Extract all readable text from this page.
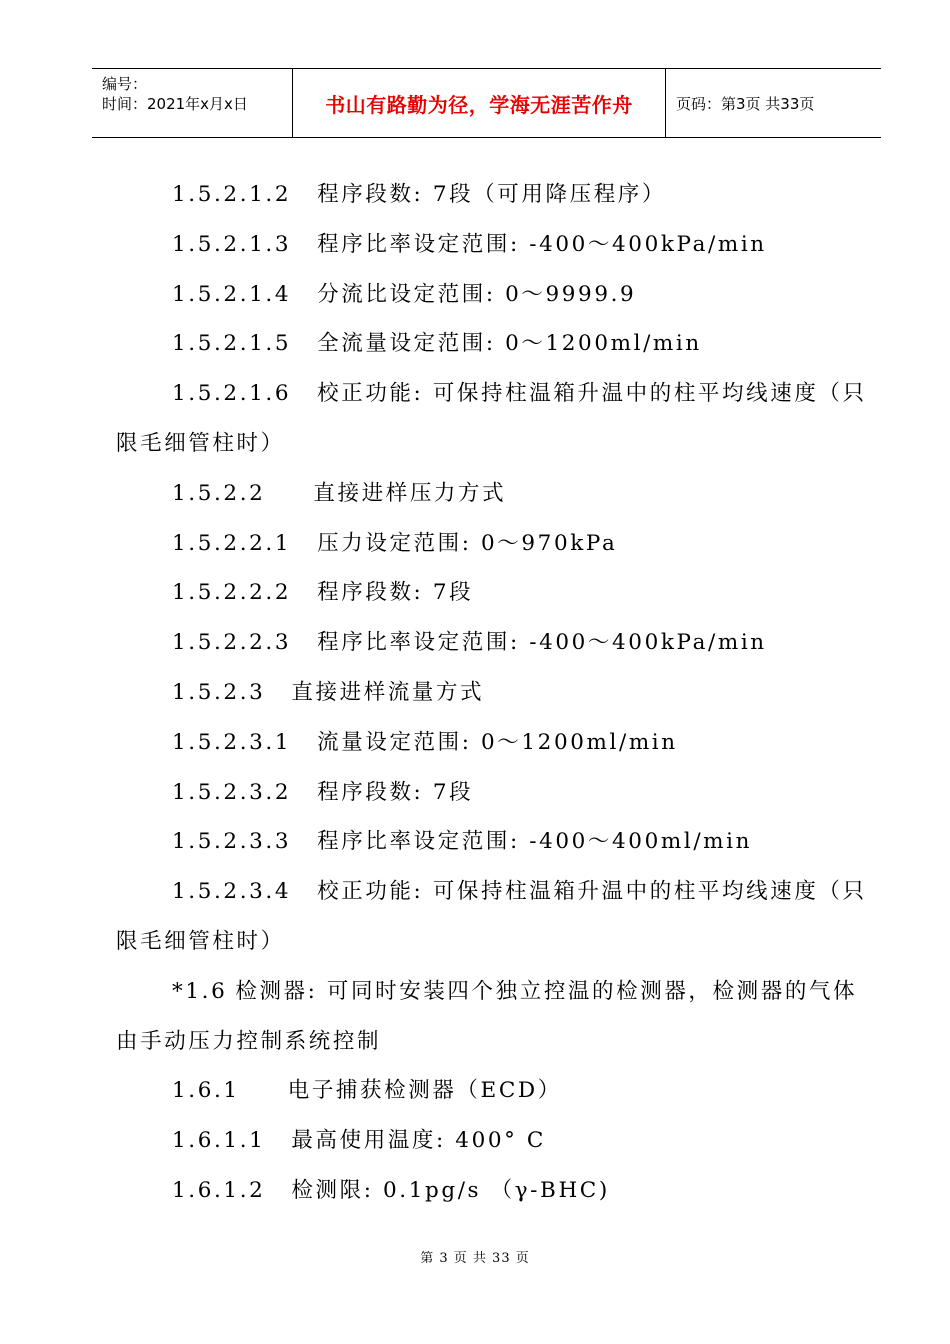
编号：
时间：2021年x月x日	书山有路勤为径，学海无涯苦作舟	页码：第3页 共33页
1.5.2.1.2 程序段数: 7段（可用降压程序）
1.5.2.1.3 程序比率设定范围: -400～400kPa/min
1.5.2.1.4 分流比设定范围: 0～9999.9
1.5.2.1.5 全流量设定范围: 0～1200ml/min
1.5.2.1.6 校正功能: 可保持柱温箱升温中的柱平均线速度（只
限毛细管柱时）
1.5.2.2 直接进样压力方式
1.5.2.2.1 压力设定范围: 0～970kPa
1.5.2.2.2 程序段数: 7段
1.5.2.2.3 程序比率设定范围: -400～400kPa/min
1.5.2.3 直接进样流量方式
1.5.2.3.1 流量设定范围: 0～1200ml/min
1.5.2.3.2 程序段数: 7段
1.5.2.3.3 程序比率设定范围: -400～400ml/min
1.5.2.3.4 校正功能: 可保持柱温箱升温中的柱平均线速度（只
限毛细管柱时）
*1.6 检测器: 可同时安装四个独立控温的检测器，检测器的气体
由手动压力控制系统控制
1.6.1 电子捕获检测器（ECD）
1.6.1.1 最高使用温度: 400° C
1.6.1.2 检测限: 0.1pg/s （γ-BHC)
第 3 页 共 33 页
